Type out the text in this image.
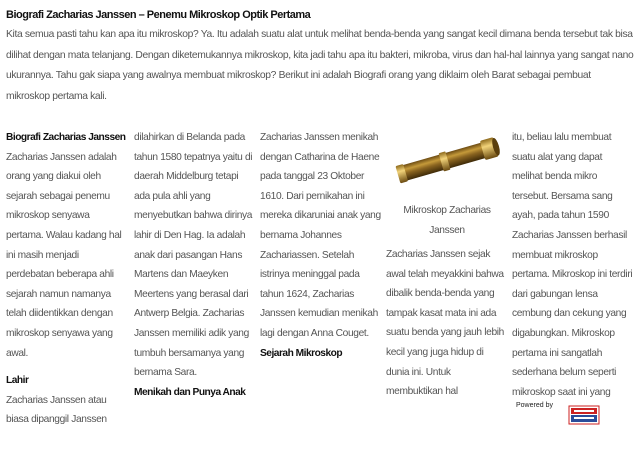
Biografi Zacharias Janssen – Penemu Mikroskop Optik Pertama
Kita semua pasti tahu kan apa itu mikroskop? Ya. Itu adalah suatu alat untuk melihat benda-benda yang sangat kecil dimana benda tersebut tak bisa dilihat dengan mata telanjang. Dengan diketemukannya mikroskop, kita jadi tahu apa itu bakteri, mikroba, virus dan hal-hal lainnya yang sangat nano ukurannya. Tahu gak siapa yang awalnya membuat mikroskop? Berikut ini adalah Biografi orang yang diklaim oleh Barat sebagai pembuat mikroskop pertama kali.

Biografi Zacharias Janssen

Zacharias Janssen adalah orang yang diakui oleh sejarah sebagai penemu mikroskop senyawa pertama. Walau kadang hal ini masih menjadi perdebatan beberapa ahli sejarah namun namanya telah diidentikkan dengan mikroskop senyawa yang awal.

Lahir

Zacharias Janssen atau biasa dipanggil Janssen

dilahirkan di Belanda pada tahun 1580 tepatnya yaitu di daerah Middelburg tetapi ada pula ahli yang menyebutkan bahwa dirinya lahir di Den Hag. Ia adalah anak dari pasangan Hans Martens dan Maeyken Meertens yang berasal dari Antwerp Belgia. Zacharias Janssen memiliki adik yang tumbuh bersamanya yang bernama Sara.

Menikah dan Punya Anak

Zacharias Janssen menikah dengan Catharina de Haene pada tanggal 23 Oktober 1610. Dari pernikahan ini mereka dikaruniai anak yang bernama Johannes Zachariassen. Setelah istrinya meninggal pada tahun 1624, Zacharias Janssen kemudian menikah lagi dengan Anna Couget.

Sejarah Mikroskop

Mikroskop Zacharias Janssen

Zacharias Janssen sejak awal telah meyakkini bahwa dibalik benda-benda yang tampak kasat mata ini ada suatu benda yang jauh lebih kecil yang juga hidup di dunia ini. Untuk membuktikan hal

itu, beliau lalu membuat suatu alat yang dapat melihat benda mikro tersebut. Bersama sang ayah, pada tahun 1590 Zacharias Janssen berhasil membuat mikroskop pertama. Mikroskop ini terdiri dari gabungan lensa cembung dan cekung yang digabungkan. Mikroskop pertama ini sangatlah sederhana belum seperti mikroskop saat ini yang

Powered by
